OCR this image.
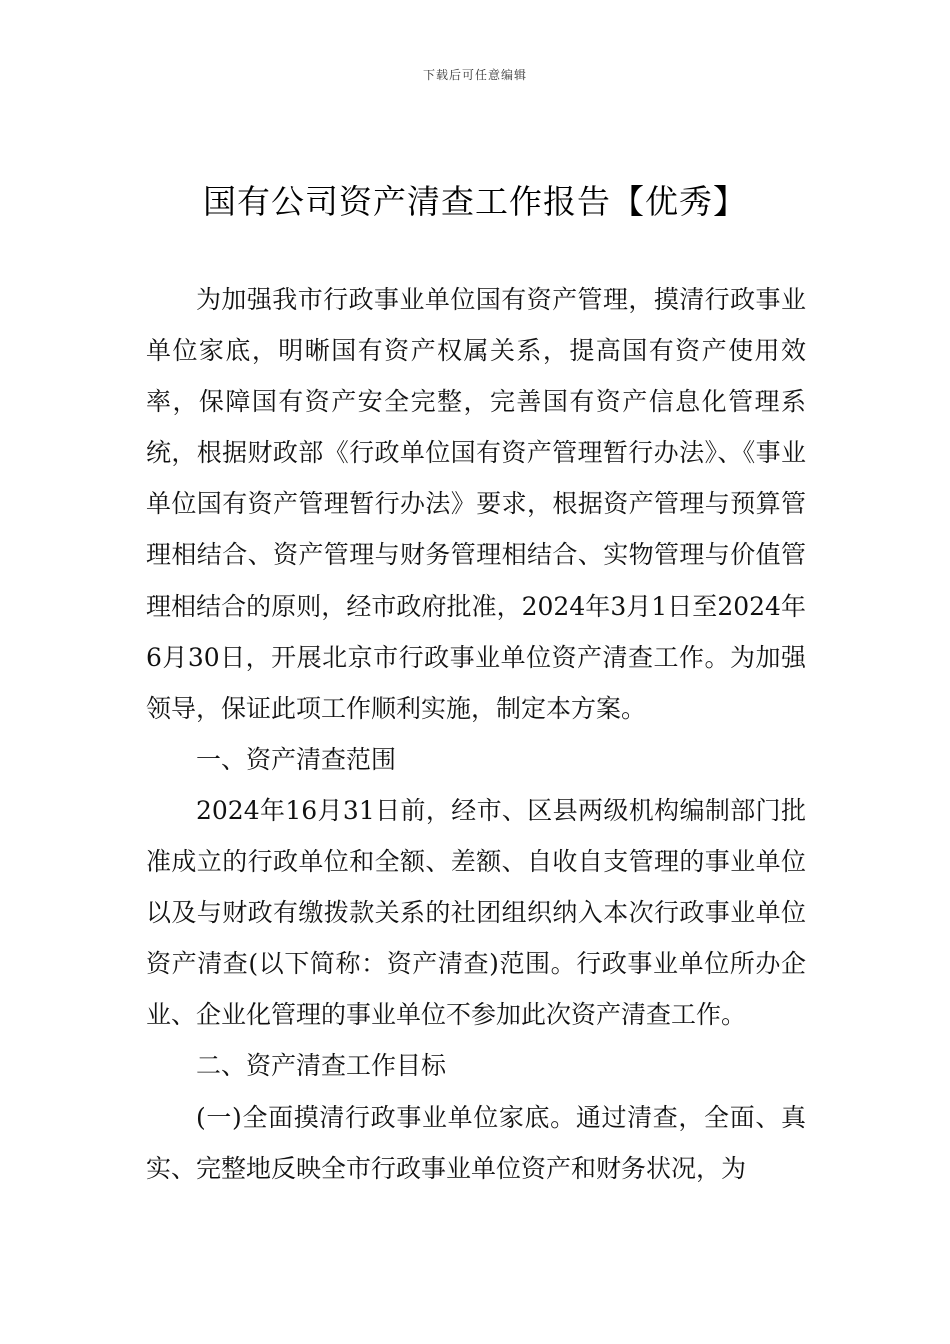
下载后可任意编辑
国有公司资产清查工作报告【优秀】

为加强我市行政事业单位国有资产管理，摸清行政事业单位家底，明晰国有资产权属关系，提高国有资产使用效率，保障国有资产安全完整，完善国有资产信息化管理系统，根据财政部《行政单位国有资产管理暂行办法》、《事业单位国有资产管理暂行办法》要求，根据资产管理与预算管理相结合、资产管理与财务管理相结合、实物管理与价值管理相结合的原则，经市政府批准，2024年3月1日至2024年6月30日，开展北京市行政事业单位资产清查工作。为加强领导，保证此项工作顺利实施，制定本方案。

一、资产清查范围

2024年16月31日前，经市、区县两级机构编制部门批准成立的行政单位和全额、差额、自收自支管理的事业单位以及与财政有缴拨款关系的社团组织纳入本次行政事业单位资产清查(以下简称：资产清查)范围。行政事业单位所办企业、企业化管理的事业单位不参加此次资产清查工作。

二、资产清查工作目标

(一)全面摸清行政事业单位家底。通过清查，全面、真实、完整地反映全市行政事业单位资产和财务状况，为
